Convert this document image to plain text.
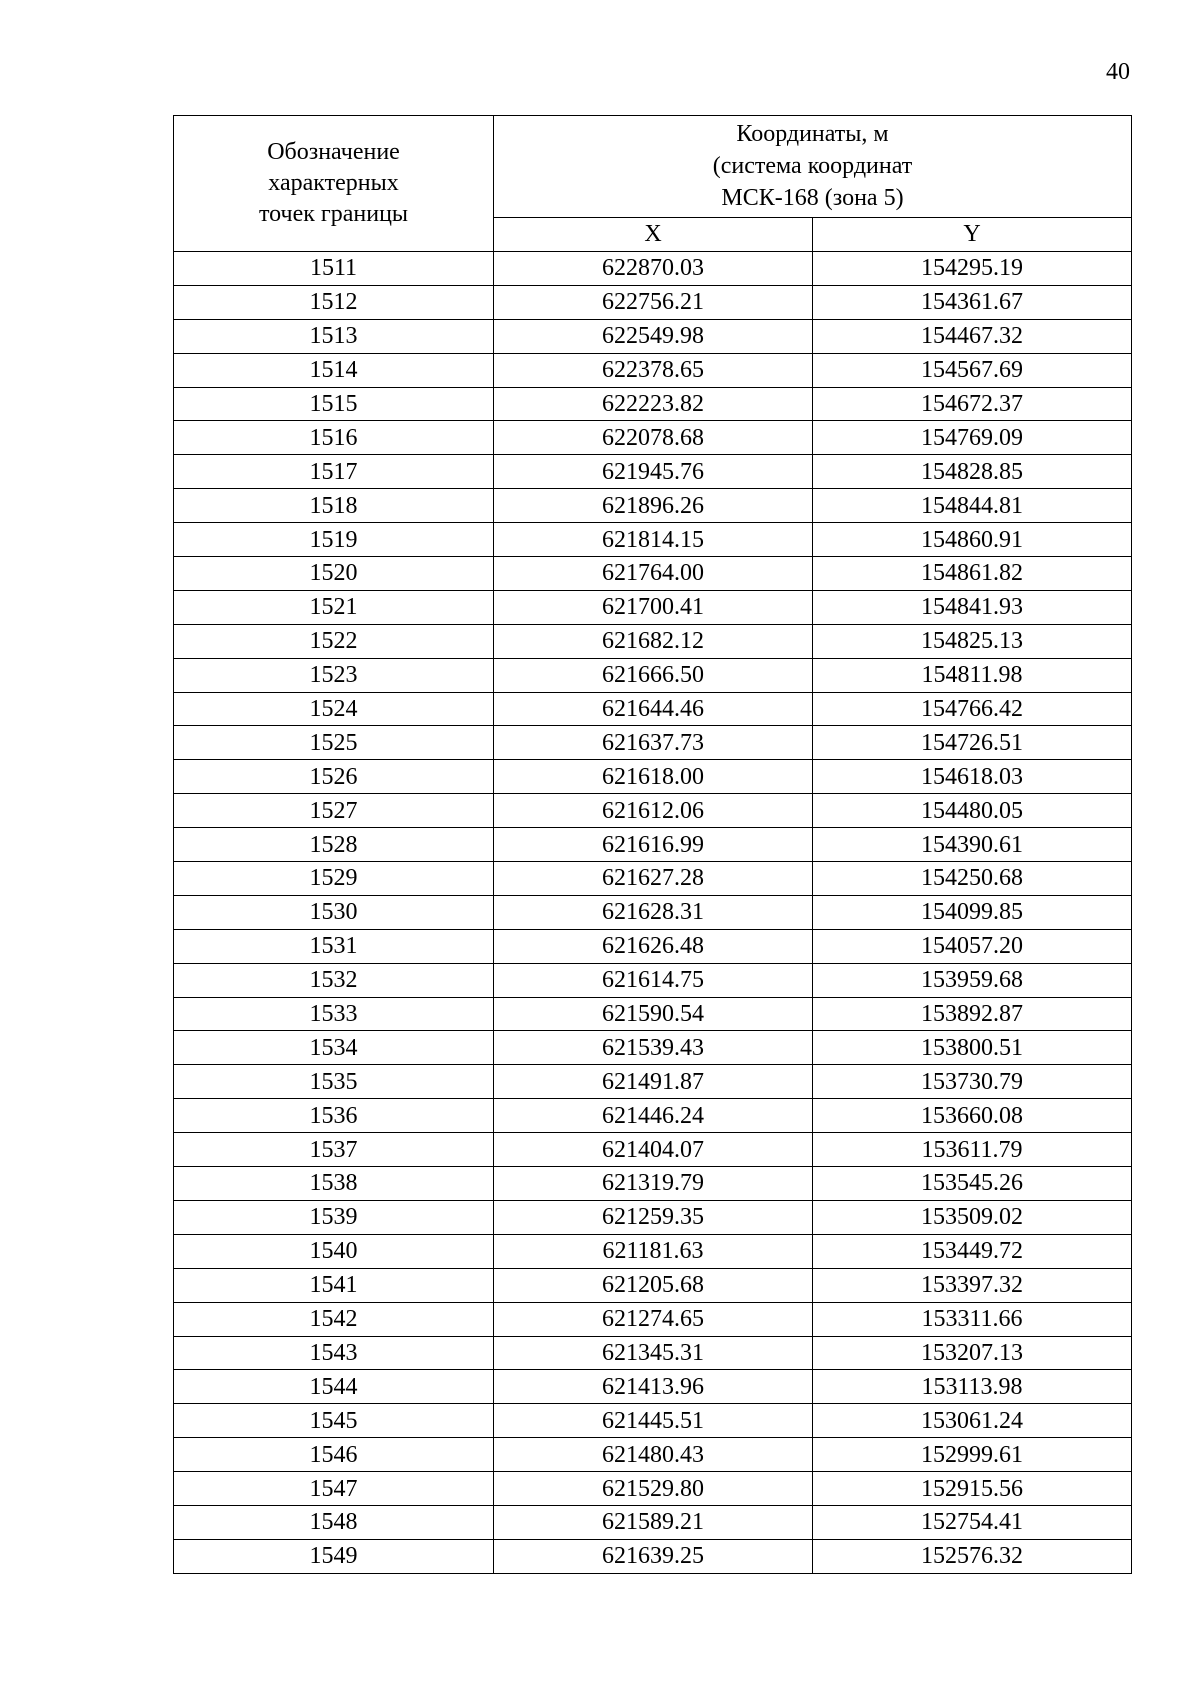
40
Обозначение
характерных
точек границы	Координаты, м
(система координат
МСК-168 (зона 5)	

	X	Y
1511	622870.03	154295.19
1512	622756.21	154361.67
1513	622549.98	154467.32
1514	622378.65	154567.69
1515	622223.82	154672.37
1516	622078.68	154769.09
1517	621945.76	154828.85
1518	621896.26	154844.81
1519	621814.15	154860.91
1520	621764.00	154861.82
1521	621700.41	154841.93
1522	621682.12	154825.13
1523	621666.50	154811.98
1524	621644.46	154766.42
1525	621637.73	154726.51
1526	621618.00	154618.03
1527	621612.06	154480.05
1528	621616.99	154390.61
1529	621627.28	154250.68
1530	621628.31	154099.85
1531	621626.48	154057.20
1532	621614.75	153959.68
1533	621590.54	153892.87
1534	621539.43	153800.51
1535	621491.87	153730.79
1536	621446.24	153660.08
1537	621404.07	153611.79
1538	621319.79	153545.26
1539	621259.35	153509.02
1540	621181.63	153449.72
1541	621205.68	153397.32
1542	621274.65	153311.66
1543	621345.31	153207.13
1544	621413.96	153113.98
1545	621445.51	153061.24
1546	621480.43	152999.61
1547	621529.80	152915.56
1548	621589.21	152754.41
1549	621639.25	152576.32
